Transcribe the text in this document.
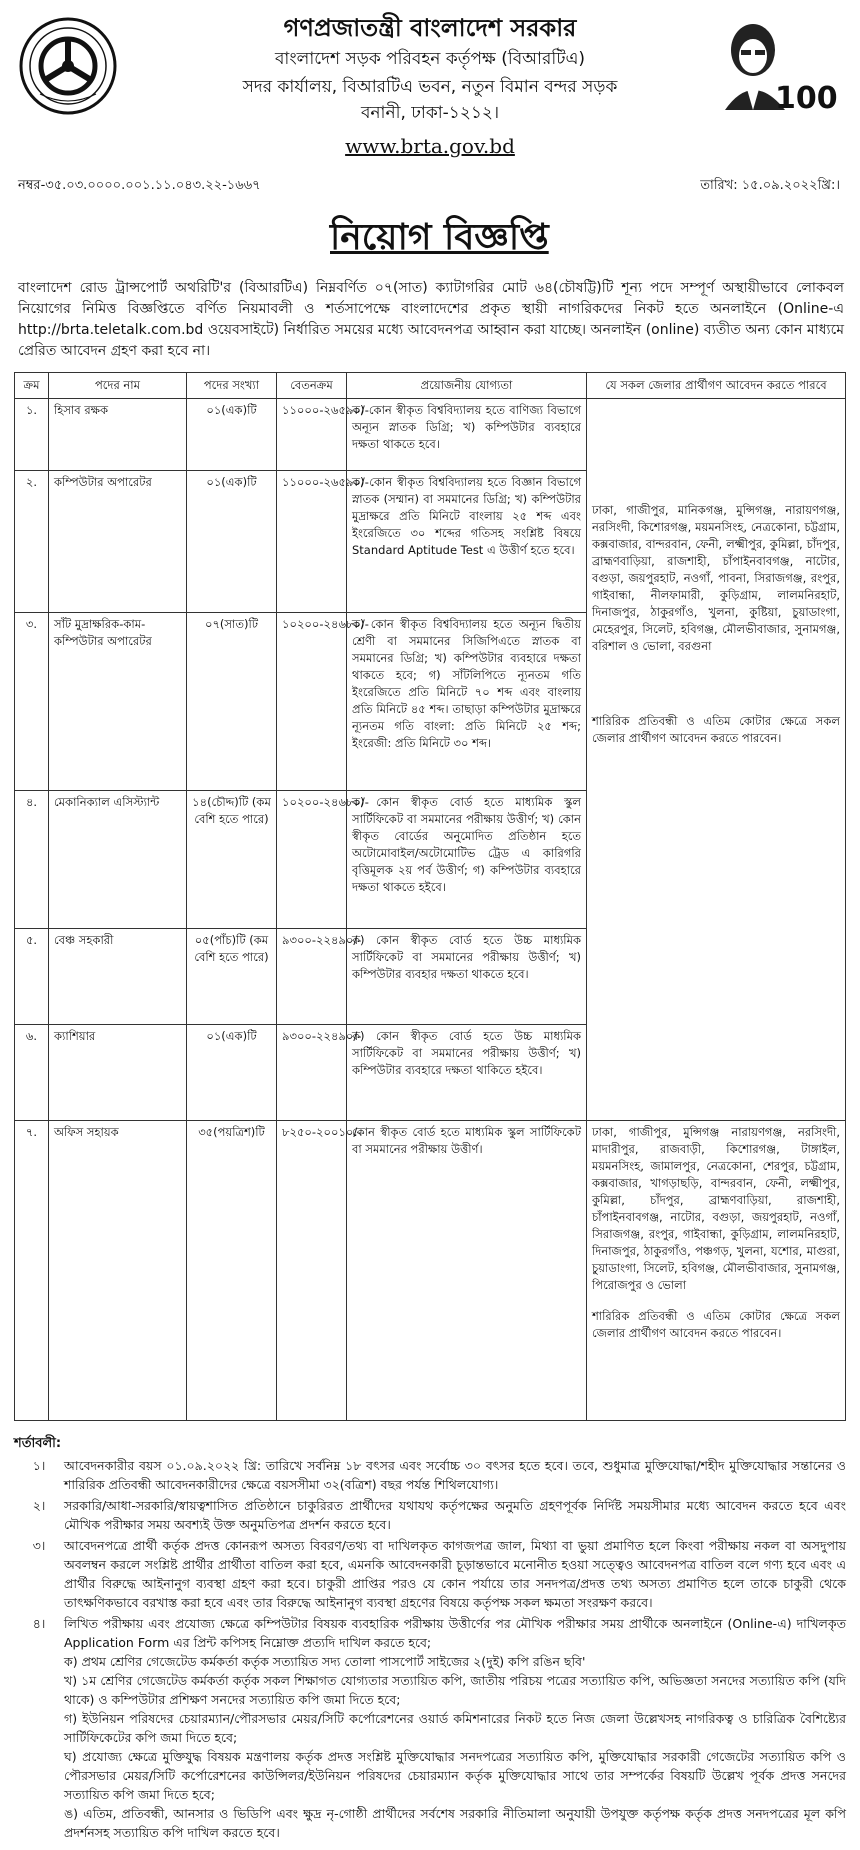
100
গণপ্রজাতন্ত্রী বাংলাদেশ সরকার
বাংলাদেশ সড়ক পরিবহন কর্তৃপক্ষ (বিআরটিএ)
সদর কার্যালয়, বিআরটিএ ভবন, নতুন বিমান বন্দর সড়ক
বনানী, ঢাকা-১২১২।
www.brta.gov.bd
নম্বর-৩৫.০৩.০০০০.০০১.১১.০৪৩.২২-১৬৬৭	তারিখ: ১৫.০৯.২০২২খ্রি:।
নিয়োগ বিজ্ঞপ্তি
বাংলাদেশ রোড ট্রান্সপোর্ট অথরিটি'র (বিআরটিএ) নিম্নবর্ণিত ০৭(সাত) ক্যাটাগরির মোট ৬৪(চৌষট্টি)টি শূন্য পদে সম্পূর্ণ অস্থায়ীভাবে লোকবল নিয়োগের নিমিত্ত বিজ্ঞপ্তিতে বর্ণিত নিয়মাবলী ও শর্তসাপেক্ষে বাংলাদেশের প্রকৃত স্থায়ী নাগরিকদের নিকট হতে অনলাইনে (Online-এ http://brta.teletalk.com.bd ওয়েবসাইটে) নির্ধারিত সময়ের মধ্যে আবেদনপত্র আহ্বান করা যাচ্ছে। অনলাইন (online) ব্যতীত অন্য কোন মাধ্যমে প্রেরিত আবেদন গ্রহণ করা হবে না।
ক্রম	পদের নাম	পদের সংখ্যা	বেতনক্রম	প্রয়োজনীয় যোগ্যতা	যে সকল জেলার প্রার্থীগণ আবেদন করতে পারবে
১.	হিসাব রক্ষক	০১(এক)টি	১১০০০-২৬৫৯০/-	ক) কোন স্বীকৃত বিশ্ববিদ্যালয় হতে বাণিজ্য বিভাগে অন্যূন স্নাতক ডিগ্রি; খ) কম্পিউটার ব্যবহারে দক্ষতা থাকতে হবে।	ঢাকা, গাজীপুর, মানিকগঞ্জ, মুন্সিগঞ্জ, নারায়ণগঞ্জ, নরসিংদী, কিশোরগঞ্জ, ময়মনসিংহ, নেত্রকোনা, চট্টগ্রাম, কক্সবাজার, বান্দরবান, ফেনী, লক্ষ্মীপুর, কুমিল্লা, চাঁদপুর, ব্রাহ্মণবাড়িয়া, রাজশাহী, চাঁপাইনবাবগঞ্জ, নাটোর, বগুড়া, জয়পুরহাট, নওগাঁ, পাবনা, সিরাজগঞ্জ, রংপুর, গাইবান্ধা, নীলফামারী, কুড়িগ্রাম, লালমনিরহাট, দিনাজপুর, ঠাকুরগাঁও, খুলনা, কুষ্টিয়া, চুয়াডাংগা, মেহেরপুর, সিলেট, হবিগঞ্জ, মৌলভীবাজার, সুনামগঞ্জ, বরিশাল ও ভোলা, বরগুনা
শারিরিক প্রতিবন্ধী ও এতিম কোটার ক্ষেত্রে সকল জেলার প্রার্থীগণ আবেদন করতে পারবেন।

২.	কম্পিউটার অপারেটর	০১(এক)টি	১১০০০-২৬৫৯০/-	ক) কোন স্বীকৃত বিশ্ববিদ্যালয় হতে বিজ্ঞান বিভাগে স্নাতক (সম্মান) বা সমমানের ডিগ্রি; খ) কম্পিউটার মুদ্রাক্ষরে প্রতি মিনিটে বাংলায় ২৫ শব্দ এবং ইংরেজিতে ৩০ শব্দের গতিসহ সংশ্লিষ্ট বিষয়ে Standard Aptitude Test এ উত্তীর্ণ হতে হবে।	
৩.	সাঁট মুদ্রাক্ষরিক-কাম-কম্পিউটার অপারেটর	০৭(সাত)টি	১০২০০-২৪৬৮০/-	ক) কোন স্বীকৃত বিশ্ববিদ্যালয় হতে অন্যূন দ্বিতীয় শ্রেণী বা সমমানের সিজিপিএতে স্নাতক বা সমমানের ডিগ্রি; খ) কম্পিউটার ব্যবহারে দক্ষতা থাকতে হবে; গ) সাঁটলিপিতে ন্যূনতম গতি ইংরেজিতে প্রতি মিনিটে ৭০ শব্দ এবং বাংলায় প্রতি মিনিটে ৪৫ শব্দ। তাছাড়া কম্পিউটার মুদ্রাক্ষরে ন্যূনতম গতি বাংলা: প্রতি মিনিটে ২৫ শব্দ; ইংরেজী: প্রতি মিনিটে ৩০ শব্দ।	
৪.	মেকানিক্যাল এসিস্ট্যান্ট	১৪(চৌদ্দ)টি (কম বেশি হতে পারে)	১০২০০-২৪৬৮০/-	ক) কোন স্বীকৃত বোর্ড হতে মাধ্যমিক স্কুল সার্টিফিকেট বা সমমানের পরীক্ষায় উত্তীর্ণ; খ) কোন স্বীকৃত বোর্ডের অনুমোদিত প্রতিষ্ঠান হতে অটোমোবাইল/অটোমোটিভ ট্রেড এ কারিগরি বৃত্তিমূলক ২য় পর্ব উত্তীর্ণ; গ) কম্পিউটার ব্যবহারে দক্ষতা থাকতে হইবে।	
৫.	বেঞ্চ সহকারী	০৫(পাঁচ)টি (কম বেশি হতে পারে)	৯৩০০-২২৪৯০/-	ক) কোন স্বীকৃত বোর্ড হতে উচ্চ মাধ্যমিক সার্টিফিকেট বা সমমানের পরীক্ষায় উত্তীর্ণ; খ) কম্পিউটার ব্যবহার দক্ষতা থাকতে হবে।	
৬.	ক্যাশিয়ার	০১(এক)টি	৯৩০০-২২৪৯০/-	ক) কোন স্বীকৃত বোর্ড হতে উচ্চ মাধ্যমিক সার্টিফিকেট বা সমমানের পরীক্ষায় উত্তীর্ণ; খ) কম্পিউটার ব্যবহারে দক্ষতা থাকিতে হইবে।	
৭.	অফিস সহায়ক	৩৫(পয়ত্রিশ)টি	৮২৫০-২০০১০/-	কোন স্বীকৃত বোর্ড হতে মাধ্যমিক স্কুল সার্টিফিকেট বা সমমানের পরীক্ষায় উত্তীর্ণ।	ঢাকা, গাজীপুর, মুন্সিগঞ্জ নারায়ণগঞ্জ, নরসিংদী, মাদারীপুর, রাজবাড়ী, কিশোরগঞ্জ, টাঙ্গাইল, ময়মনসিংহ, জামালপুর, নেত্রকোনা, শেরপুর, চট্টগ্রাম, কক্সবাজার, খাগড়াছড়ি, বান্দরবান, ফেনী, লক্ষ্মীপুর, কুমিল্লা, চাঁদপুর, ব্রাহ্মণবাড়িয়া, রাজশাহী, চাঁপাইনবাবগঞ্জ, নাটোর, বগুড়া, জয়পুরহাট, নওগাঁ, সিরাজগঞ্জ, রংপুর, গাইবান্ধা, কুড়িগ্রাম, লালমনিরহাট, দিনাজপুর, ঠাকুরগাঁও, পঞ্চগড়, খুলনা, যশোর, মাগুরা, চুয়াডাংগা, সিলেট, হবিগঞ্জ, মৌলভীবাজার, সুনামগঞ্জ, পিরোজপুর ও ভোলা
শারিরিক প্রতিবন্ধী ও এতিম কোটার ক্ষেত্রে সকল জেলার প্রার্থীগণ আবেদন করতে পারবেন।
শর্তাবলী:
১।	আবেদনকারীর বয়স ০১.০৯.২০২২ খ্রি: তারিখে সর্বনিম্ন ১৮ বৎসর এবং সর্বোচ্চ ৩০ বৎসর হতে হবে। তবে, শুধুমাত্র মুক্তিযোদ্ধা/শহীদ মুক্তিযোদ্ধার সন্তানের ও শারিরিক প্রতিবন্ধী আবেদনকারীদের ক্ষেত্রে বয়সসীমা ৩২(বত্রিশ) বছর পর্যন্ত শিথিলযোগ্য।
২।	সরকারি/আধা-সরকারি/স্বায়ত্বশাসিত প্রতিষ্ঠানে চাকুরিরত প্রার্থীদের যথাযথ কর্তৃপক্ষের অনুমতি গ্রহণপূর্বক নির্দিষ্ট সময়সীমার মধ্যে আবেদন করতে হবে এবং মৌখিক পরীক্ষার সময় অবশ্যই উক্ত অনুমতিপত্র প্রদর্শন করতে হবে।
৩।	আবেদনপত্রে প্রার্থী কর্তৃক প্রদত্ত কোনরূপ অসত্য বিবরণ/তথ্য বা দাখিলকৃত কাগজপত্র জাল, মিথ্যা বা ভুয়া প্রমাণিত হলে কিংবা পরীক্ষায় নকল বা অসদুপায় অবলম্বন করলে সংশ্লিষ্ট প্রার্থীর প্রার্থীতা বাতিল করা হবে, এমনকি আবেদনকারী চূড়ান্তভাবে মনোনীত হওয়া সত্ত্বেও আবেদনপত্র বাতিল বলে গণ্য হবে এবং এ প্রার্থীর বিরুদ্ধে আইনানুগ ব্যবস্থা গ্রহণ করা হবে। চাকুরী প্রাপ্তির পরও যে কোন পর্যায়ে তার সনদপত্র/প্রদত্ত তথ্য অসত্য প্রমাণিত হলে তাকে চাকুরী থেকে তাৎক্ষণিকভাবে বরখাস্ত করা হবে এবং তার বিরুদ্ধে আইনানুগ ব্যবস্থা গ্রহণের বিষয়ে কর্তৃপক্ষ সকল ক্ষমতা সংরক্ষণ করবে।
৪।	লিখিত পরীক্ষায় এবং প্রযোজ্য ক্ষেত্রে কম্পিউটার বিষয়ক ব্যবহারিক পরীক্ষায় উত্তীর্ণের পর মৌখিক পরীক্ষার সময় প্রার্থীকে অনলাইনে (Online-এ) দাখিলকৃত Application Form এর প্রিন্ট কপিসহ নিম্নোক্ত প্রত্যদি দাখিল করতে হবে;
ক) প্রথম শ্রেণির গেজেটেড কর্মকর্তা কর্তৃক সত্যায়িত সদ্য তোলা পাসপোর্ট সাইজের ২(দুই) কপি রঙিন ছবি'
খ) ১ম শ্রেণির গেজেটেড কর্মকর্তা কর্তৃক সকল শিক্ষাগত যোগ্যতার সত্যায়িত কপি, জাতীয় পরিচয় পত্রের সত্যায়িত কপি, অভিজ্ঞতা সনদের সত্যায়িত কপি (যদি থাকে) ও কম্পিউটার প্রশিক্ষণ সনদের সত্যায়িত কপি জমা দিতে হবে;
গ) ইউনিয়ন পরিষদের চেয়ারম্যান/পৌরসভার মেয়র/সিটি কর্পোরেশনের ওয়ার্ড কমিশনারের নিকট হতে নিজ জেলা উল্লেখসহ নাগরিকত্ব ও চারিত্রিক বৈশিষ্ট্যের সার্টিফিকেটের কপি জমা দিতে হবে;
ঘ) প্রযোজ্য ক্ষেত্রে মুক্তিযুদ্ধ বিষয়ক মন্ত্রণালয় কর্তৃক প্রদত্ত সংশ্লিষ্ট মুক্তিযোদ্ধার সনদপত্রের সত্যায়িত কপি, মুক্তিযোদ্ধার সরকারী গেজেটের সত্যায়িত কপি ও পৌরসভার মেয়র/সিটি কর্পোরেশনের কাউন্সিলর/ইউনিয়ন পরিষদের চেয়ারম্যান কর্তৃক মুক্তিযোদ্ধার সাথে তার সম্পর্কের বিষয়টি উল্লেখ পূর্বক প্রদত্ত সনদের সত্যায়িত কপি জমা দিতে হবে;
ঙ) এতিম, প্রতিবন্ধী, আনসার ও ভিডিপি এবং ক্ষুদ্র নৃ-গোষ্ঠী প্রার্থীদের সর্বশেষ সরকারি নীতিমালা অনুযায়ী উপযুক্ত কর্তৃপক্ষ কর্তৃক প্রদত্ত সনদপত্রের মূল কপি প্রদর্শনসহ সত্যায়িত কপি দাখিল করতে হবে।
